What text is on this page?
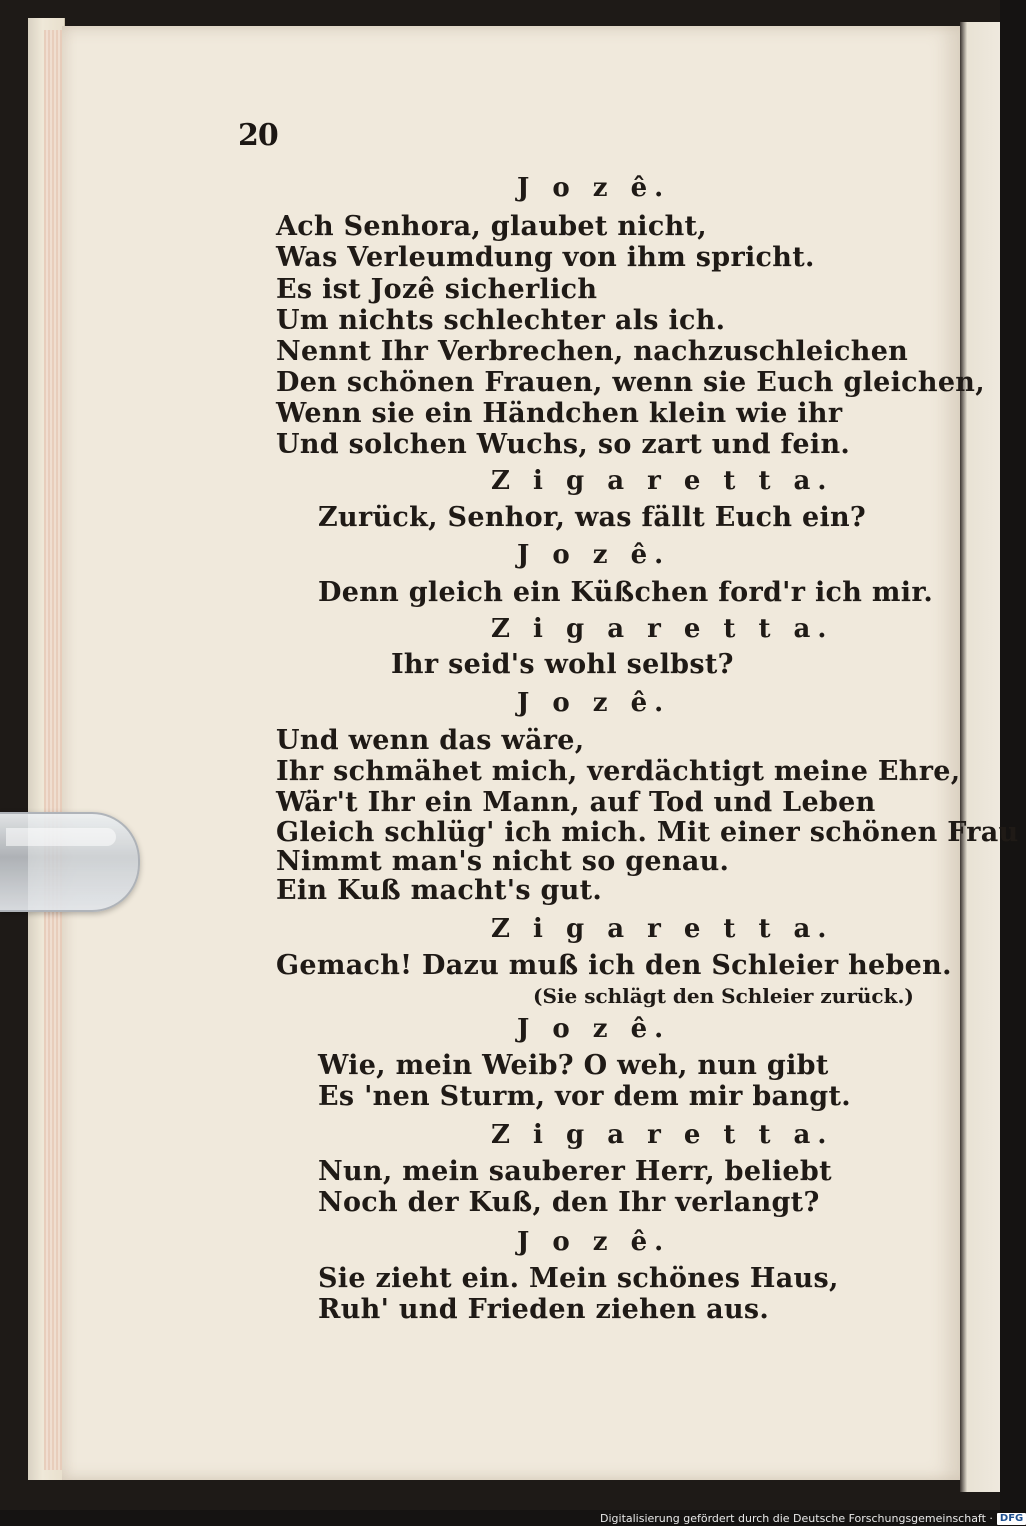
20
J o z ê.
Ach Senhora, glaubet nicht,
Was Verleumdung von ihm spricht.
Es ist Jozê sicherlich
Um nichts schlechter als ich.
Nennt Ihr Verbrechen, nachzuschleichen
Den schönen Frauen, wenn sie Euch gleichen,
Wenn sie ein Händchen klein wie ihr
Und solchen Wuchs, so zart und fein.
Z i g a r e t t a.
Zurück, Senhor, was fällt Euch ein?
J o z ê.
Denn gleich ein Küßchen ford'r ich mir.
Z i g a r e t t a.
Ihr seid's wohl selbst?
J o z ê.
Und wenn das wäre,
Ihr schmähet mich, verdächtigt meine Ehre,
Wär't Ihr ein Mann, auf Tod und Leben
Gleich schlüg' ich mich. Mit einer schönen Frau
Nimmt man's nicht so genau.
Ein Kuß macht's gut.
Z i g a r e t t a.
Gemach! Dazu muß ich den Schleier heben.
(Sie schlägt den Schleier zurück.)
J o z ê.
Wie, mein Weib? O weh, nun gibt
Es 'nen Sturm, vor dem mir bangt.
Z i g a r e t t a.
Nun, mein sauberer Herr, beliebt
Noch der Kuß, den Ihr verlangt?
J o z ê.
Sie zieht ein. Mein schönes Haus,
Ruh' und Frieden ziehen aus.
Digitalisierung gefördert durch die Deutsche Forschungsgemeinschaft · DFG
